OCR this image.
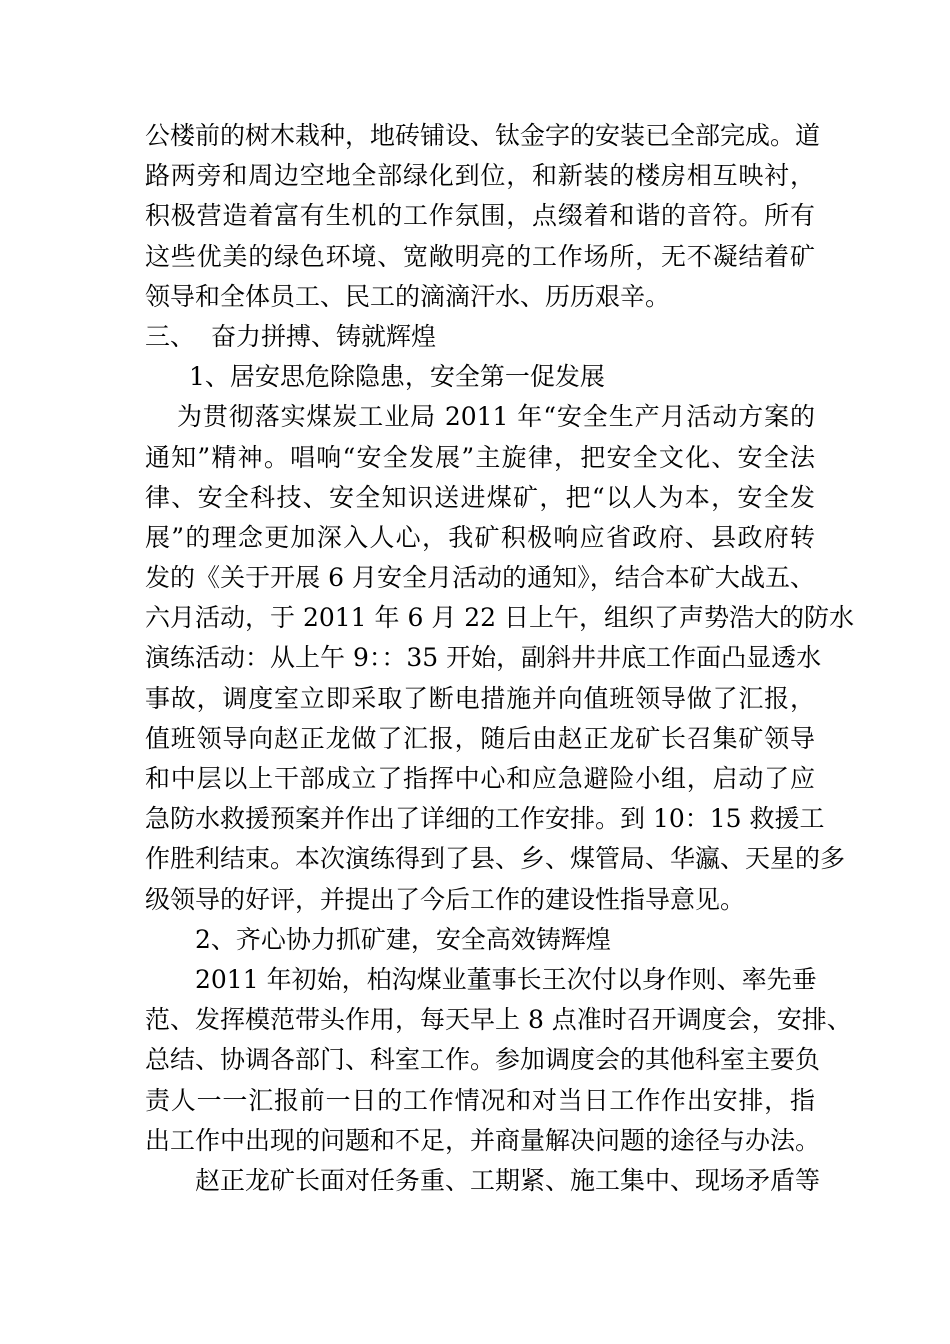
公楼前的树木栽种，地砖铺设、钛金字的安装已全部完成。道
路两旁和周边空地全部绿化到位，和新装的楼房相互映衬，
积极营造着富有生机的工作氛围，点缀着和谐的音符。所有
这些优美的绿色环境、宽敞明亮的工作场所，无不凝结着矿
领导和全体员工、民工的滴滴汗水、历历艰辛。
三、 奋力拼搏、铸就辉煌
1、居安思危除隐患，安全第一促发展
为贯彻落实煤炭工业局 2011 年“安全生产月活动方案的
通知”精神。唱响“安全发展”主旋律，把安全文化、安全法
律、安全科技、安全知识送进煤矿，把“以人为本，安全发
展”的理念更加深入人心，我矿积极响应省政府、县政府转
发的《关于开展 6 月安全月活动的通知》，结合本矿大战五、
六月活动，于 2011 年 6 月 22 日上午，组织了声势浩大的防水
演练活动：从上午 9：：35 开始，副斜井井底工作面凸显透水
事故，调度室立即采取了断电措施并向值班领导做了汇报，
值班领导向赵正龙做了汇报，随后由赵正龙矿长召集矿领导
和中层以上干部成立了指挥中心和应急避险小组，启动了应
急防水救援预案并作出了详细的工作安排。到 10：15 救援工
作胜利结束。本次演练得到了县、乡、煤管局、华瀛、天星的多
级领导的好评，并提出了今后工作的建设性指导意见。
2、齐心协力抓矿建，安全高效铸辉煌
2011 年初始，柏沟煤业董事长王次付以身作则、率先垂
范、发挥模范带头作用，每天早上 8 点准时召开调度会，安排、
总结、协调各部门、科室工作。参加调度会的其他科室主要负
责人一一汇报前一日的工作情况和对当日工作作出安排，指
出工作中出现的问题和不足，并商量解决问题的途径与办法。
赵正龙矿长面对任务重、工期紧、施工集中、现场矛盾等
